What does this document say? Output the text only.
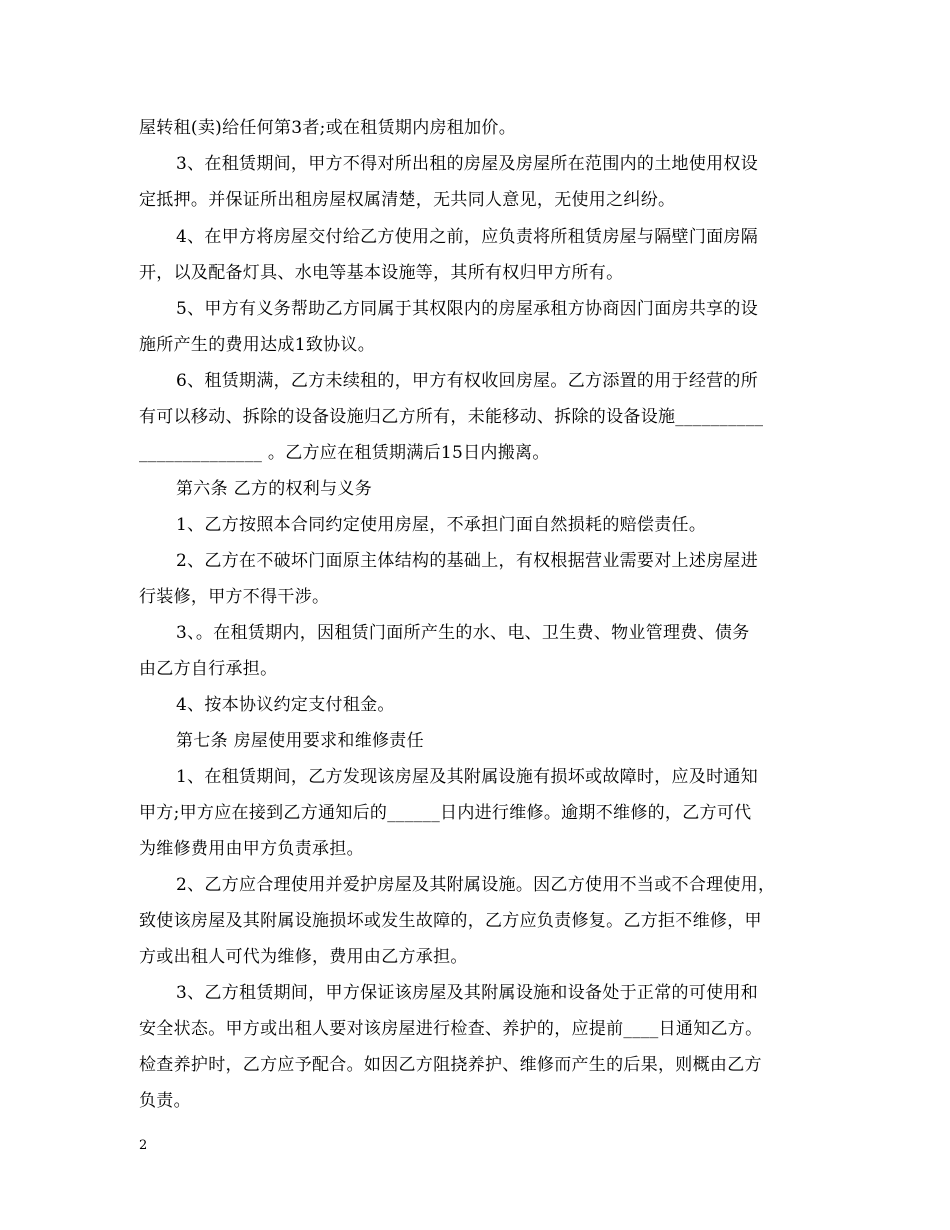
屋转租(卖)给任何第3者;或在租赁期内房租加价。
3、在租赁期间，甲方不得对所出租的房屋及房屋所在范围内的土地使用权设
定抵押。并保证所出租房屋权属清楚，无共同人意见，无使用之纠纷。
4、在甲方将房屋交付给乙方使用之前，应负责将所租赁房屋与隔壁门面房隔
开，以及配备灯具、水电等基本设施等，其所有权归甲方所有。
5、甲方有义务帮助乙方同属于其权限内的房屋承租方协商因门面房共享的设
施所产生的费用达成1致协议。
6、租赁期满，乙方未续租的，甲方有权收回房屋。乙方添置的用于经营的所
有可以移动、拆除的设备设施归乙方所有，未能移动、拆除的设备设施__________
______________ 。乙方应在租赁期满后15日内搬离。
第六条 乙方的权利与义务
1、乙方按照本合同约定使用房屋，不承担门面自然损耗的赔偿责任。
2、乙方在不破坏门面原主体结构的基础上，有权根据营业需要对上述房屋进
行装修，甲方不得干涉。
3、。在租赁期内，因租赁门面所产生的水、电、卫生费、物业管理费、债务
由乙方自行承担。
4、按本协议约定支付租金。
第七条 房屋使用要求和维修责任
1、在租赁期间，乙方发现该房屋及其附属设施有损坏或故障时，应及时通知
甲方;甲方应在接到乙方通知后的______日内进行维修。逾期不维修的，乙方可代
为维修费用由甲方负责承担。
2、乙方应合理使用并爱护房屋及其附属设施。因乙方使用不当或不合理使用，
致使该房屋及其附属设施损坏或发生故障的，乙方应负责修复。乙方拒不维修，甲
方或出租人可代为维修，费用由乙方承担。
3、乙方租赁期间，甲方保证该房屋及其附属设施和设备处于正常的可使用和
安全状态。甲方或出租人要对该房屋进行检查、养护的，应提前____日通知乙方。
检查养护时，乙方应予配合。如因乙方阻挠养护、维修而产生的后果，则概由乙方
负责。
2
